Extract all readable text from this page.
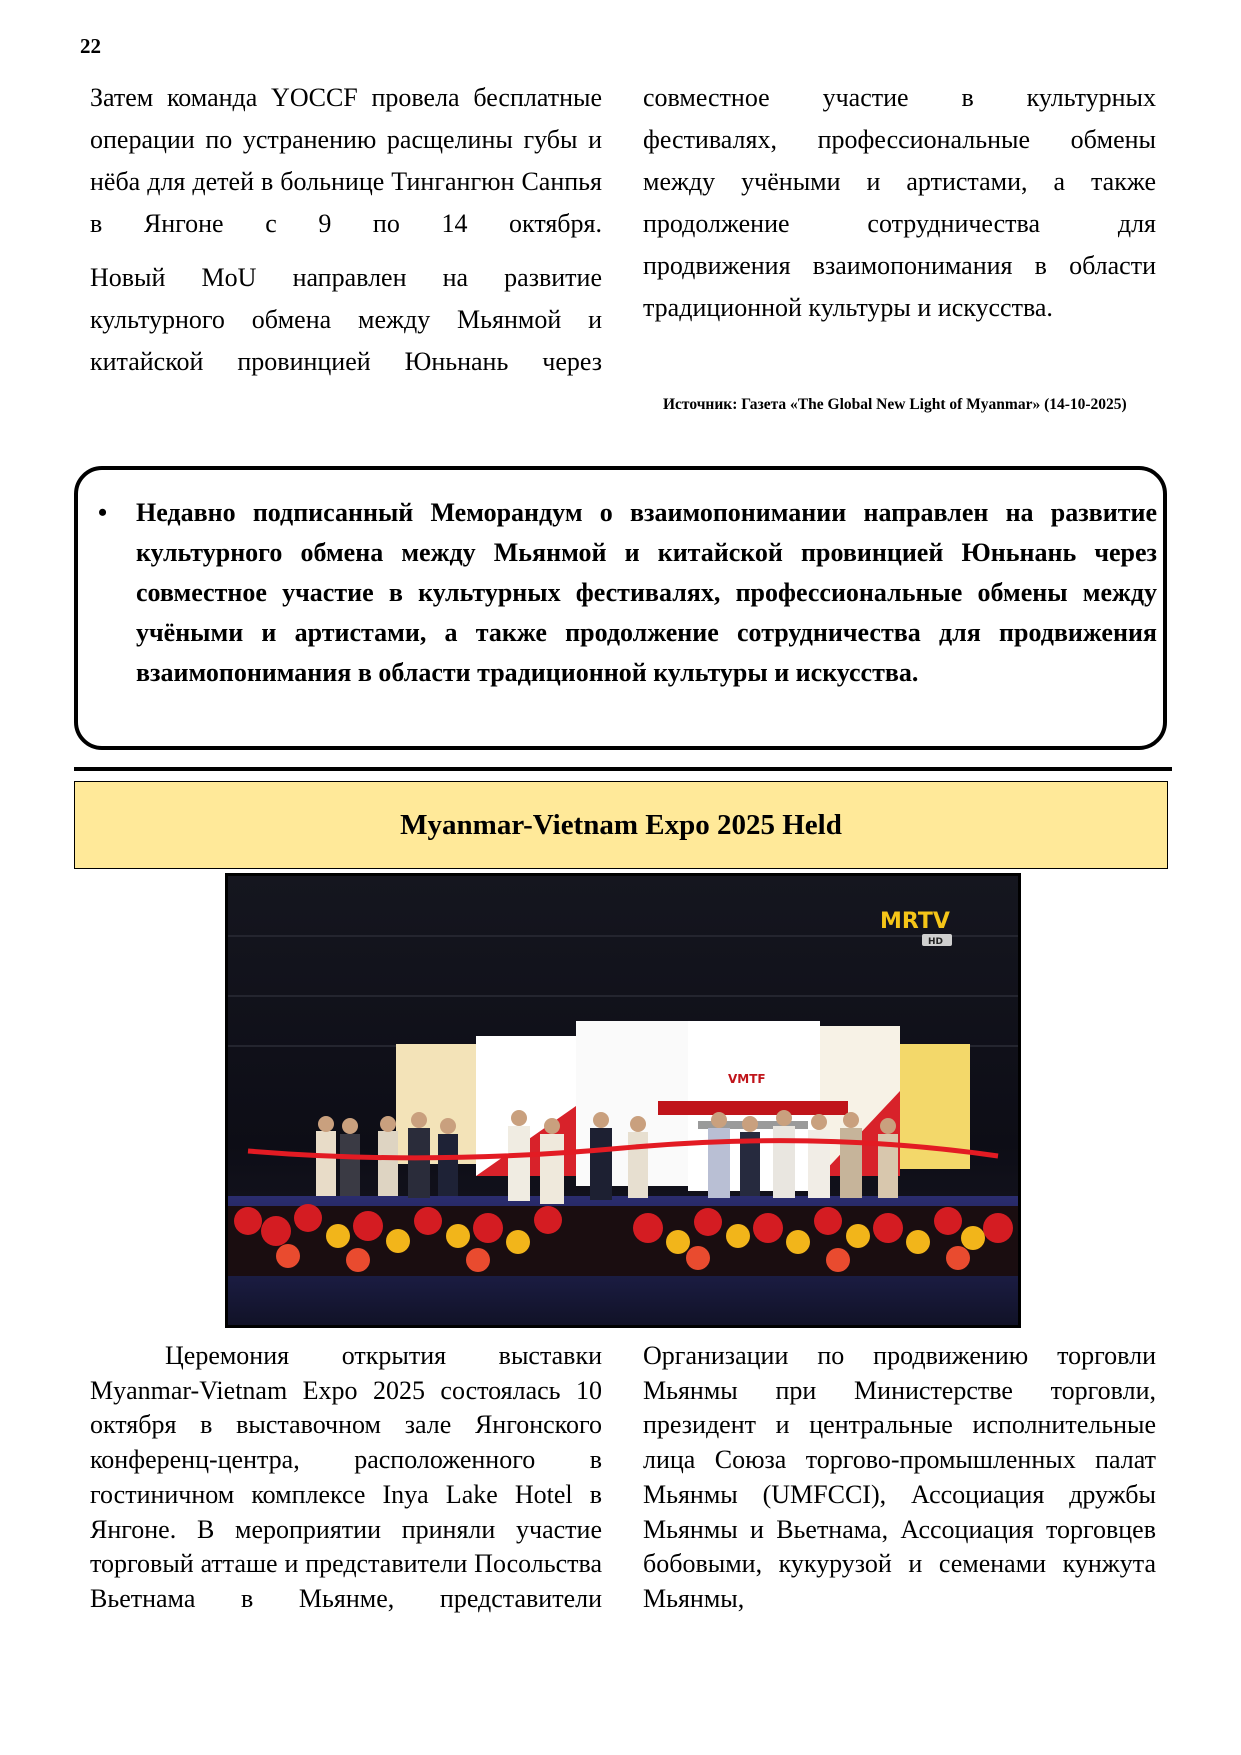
22

Затем команда YOCCF провела бесплатные операции по устранению расщелины губы и нёба для детей в больнице Тингангюн Санпья в Янгоне с 9 по 14 октября.

Новый MoU направлен на развитие культурного обмена между Мьянмой и китайской провинцией Юньнань через

совместное участие в культурных фестивалях, профессиональные обмены между учёными и артистами, а также продолжение сотрудничества для продвижения взаимопонимания в области традиционной культуры и искусства.

Источник: Газета «The Global New Light of Myanmar» (14-10-2025)
• Недавно подписанный Меморандум о взаимопонимании направлен на развитие культурного обмена между Мьянмой и китайской провинцией Юньнань через совместное участие в культурных фестивалях, профессиональные обмены между учёными и артистами, а также продолжение сотрудничества для продвижения взаимопонимания в области традиционной культуры и искусства.
Myanmar-Vietnam Expo 2025 Held
MRTV
HD
VMTF

Церемония открытия выставки Myanmar-Vietnam Expo 2025 состоялась 10 октября в выставочном зале Янгонского конференц-центра, расположенного в гостиничном комплексе Inya Lake Hotel в Янгоне. В мероприятии приняли участие торговый атташе и представители Посольства Вьетнама в Мьянме, представители

Организации по продвижению торговли Мьянмы при Министерстве торговли, президент и центральные исполнительные лица Союза торгово-промышленных палат Мьянмы (UMFCCI), Ассоциация дружбы Мьянмы и Вьетнама, Ассоциация торговцев бобовыми, кукурузой и семенами кунжута Мьянмы,
